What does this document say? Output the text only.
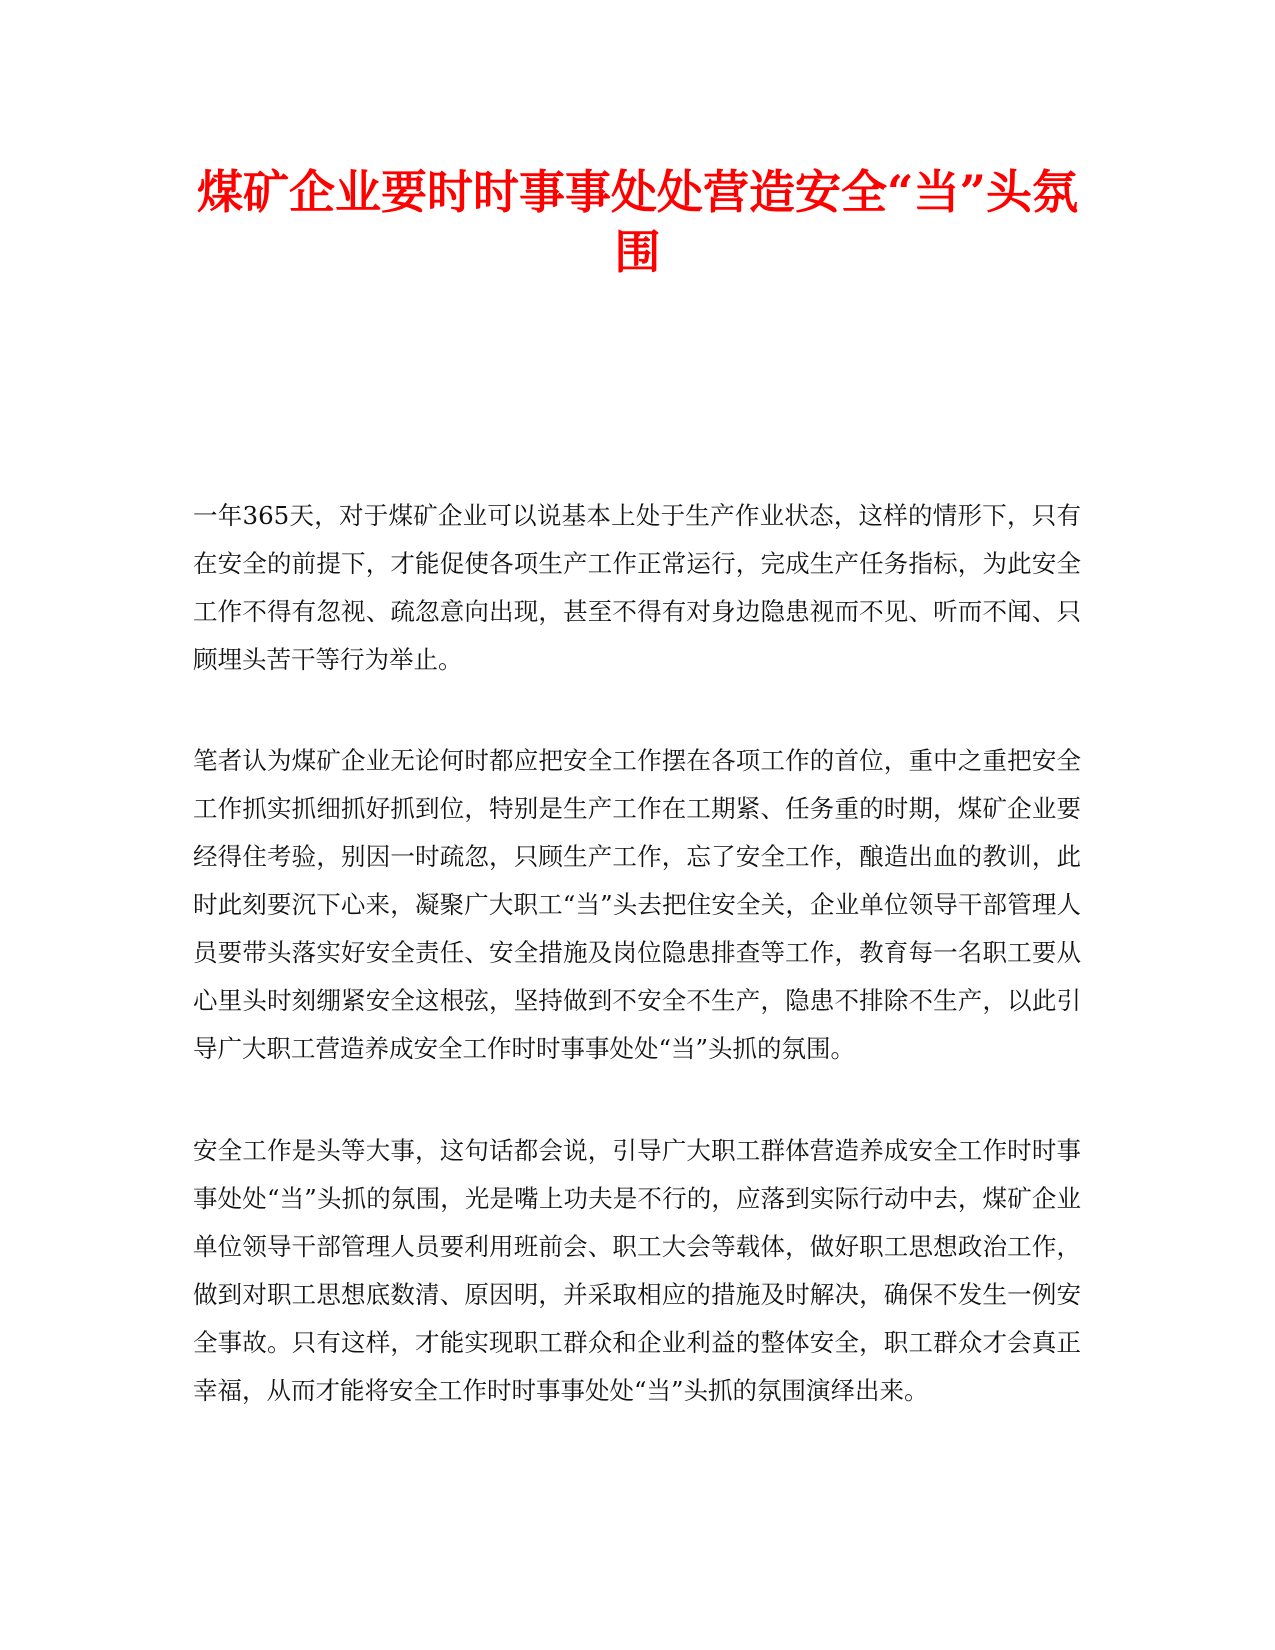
煤矿企业要时时事事处处营造安全“当”头氛围

一年365天，对于煤矿企业可以说基本上处于生产作业状态，这样的情形下，只有在安全的前提下，才能促使各项生产工作正常运行，完成生产任务指标，为此安全工作不得有忽视、疏忽意向出现，甚至不得有对身边隐患视而不见、听而不闻、只顾埋头苦干等行为举止。

笔者认为煤矿企业无论何时都应把安全工作摆在各项工作的首位，重中之重把安全工作抓实抓细抓好抓到位，特别是生产工作在工期紧、任务重的时期，煤矿企业要经得住考验，别因一时疏忽，只顾生产工作，忘了安全工作，酿造出血的教训，此时此刻要沉下心来，凝聚广大职工“当”头去把住安全关，企业单位领导干部管理人员要带头落实好安全责任、安全措施及岗位隐患排查等工作，教育每一名职工要从心里头时刻绷紧安全这根弦，坚持做到不安全不生产，隐患不排除不生产，以此引导广大职工营造养成安全工作时时事事处处“当”头抓的氛围。

安全工作是头等大事，这句话都会说，引导广大职工群体营造养成安全工作时时事事处处“当”头抓的氛围，光是嘴上功夫是不行的，应落到实际行动中去，煤矿企业单位领导干部管理人员要利用班前会、职工大会等载体，做好职工思想政治工作，做到对职工思想底数清、原因明，并采取相应的措施及时解决，确保不发生一例安全事故。只有这样，才能实现职工群众和企业利益的整体安全，职工群众才会真正幸福，从而才能将安全工作时时事事处处“当”头抓的氛围演绎出来。
